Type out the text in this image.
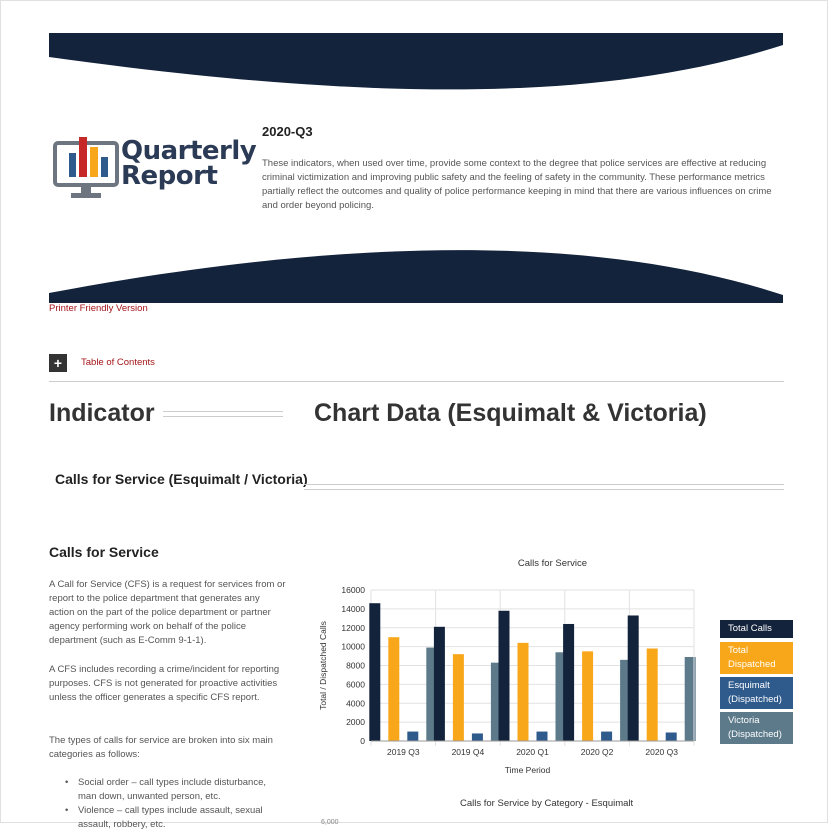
Quarterly
Report
2020-Q3
These indicators, when used over time, provide some context to the degree that police services are effective at reducing criminal victimization and improving public safety and the feeling of safety in the community. These performance metrics partially reflect the outcomes and quality of police performance keeping in mind that there are various influences on crime and order beyond policing.
Printer Friendly Version
+	Table of Contents
Indicator	Chart Data (Esquimalt & Victoria)
Calls for Service (Esquimalt / Victoria)
Calls for Service
A Call for Service (CFS) is a request for services from or report to the police department that generates any action on the part of the police department or partner agency performing work on behalf of the police department (such as E-Comm 9-1-1).
A CFS includes recording a crime/incident for reporting purposes. CFS is not generated for proactive activities unless the officer generates a specific CFS report.
The types of calls for service are broken into six main categories as follows:
• Social order – call types include disturbance, man down, unwanted person, etc.
• Violence – call types include assault, sexual assault, robbery, etc.
Calls for Service
0
2000
4000
6000
8000
10000
12000
14000
16000
2019 Q3	2019 Q4	2020 Q1	2020 Q2	2020 Q3
Time Period
Total / Dispatched Calls	Total Calls
Total Dispatched
Esquimalt (Dispatched)
Victoria (Dispatched)
Calls for Service by Category - Esquimalt
6,000
